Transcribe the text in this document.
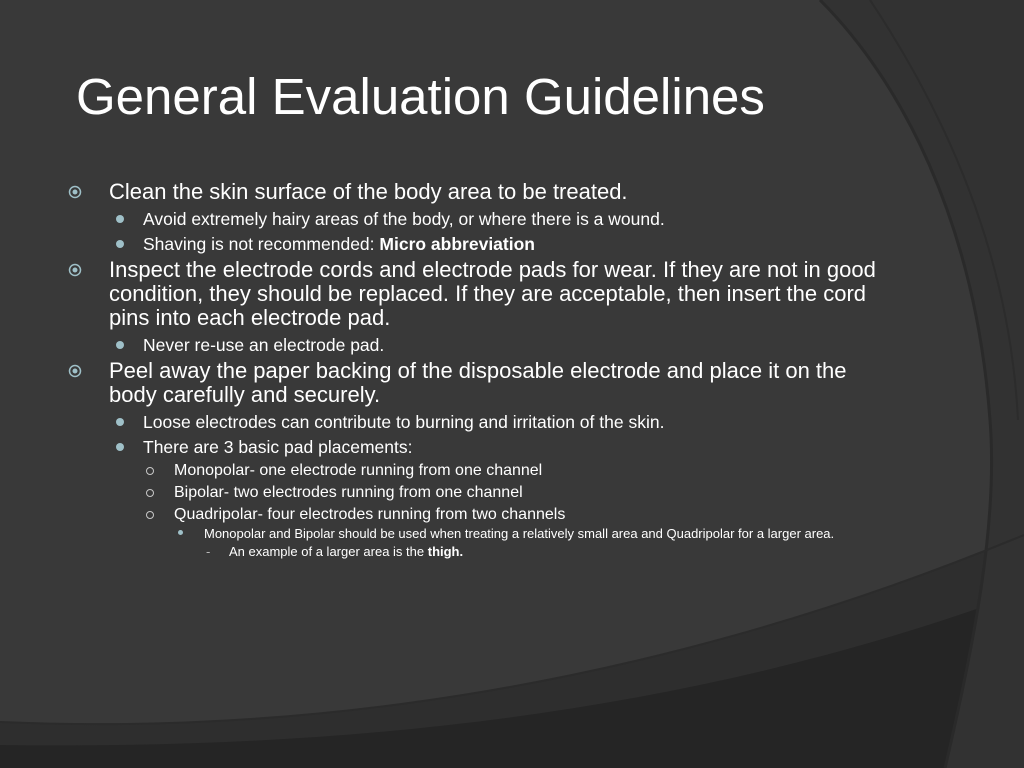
General Evaluation Guidelines
Clean the skin surface of the body area to be treated.
Avoid extremely hairy areas of the body, or where there is a wound.
Shaving is not recommended: Micro abbreviation
Inspect the electrode cords and electrode pads for wear. If they are not in good condition, they should be replaced. If they are acceptable, then insert the cord pins into each electrode pad.
Never re-use an electrode pad.
Peel away the paper backing of the disposable electrode and place it on the body carefully and securely.
Loose electrodes can contribute to burning and irritation of the skin.
There are 3 basic pad placements:
Monopolar- one electrode running from one channel
Bipolar- two electrodes running from one channel
Quadripolar- four electrodes running from two channels
Monopolar and Bipolar should be used when treating a relatively small area and Quadripolar for a larger area.
- An example of a larger area is the thigh.
